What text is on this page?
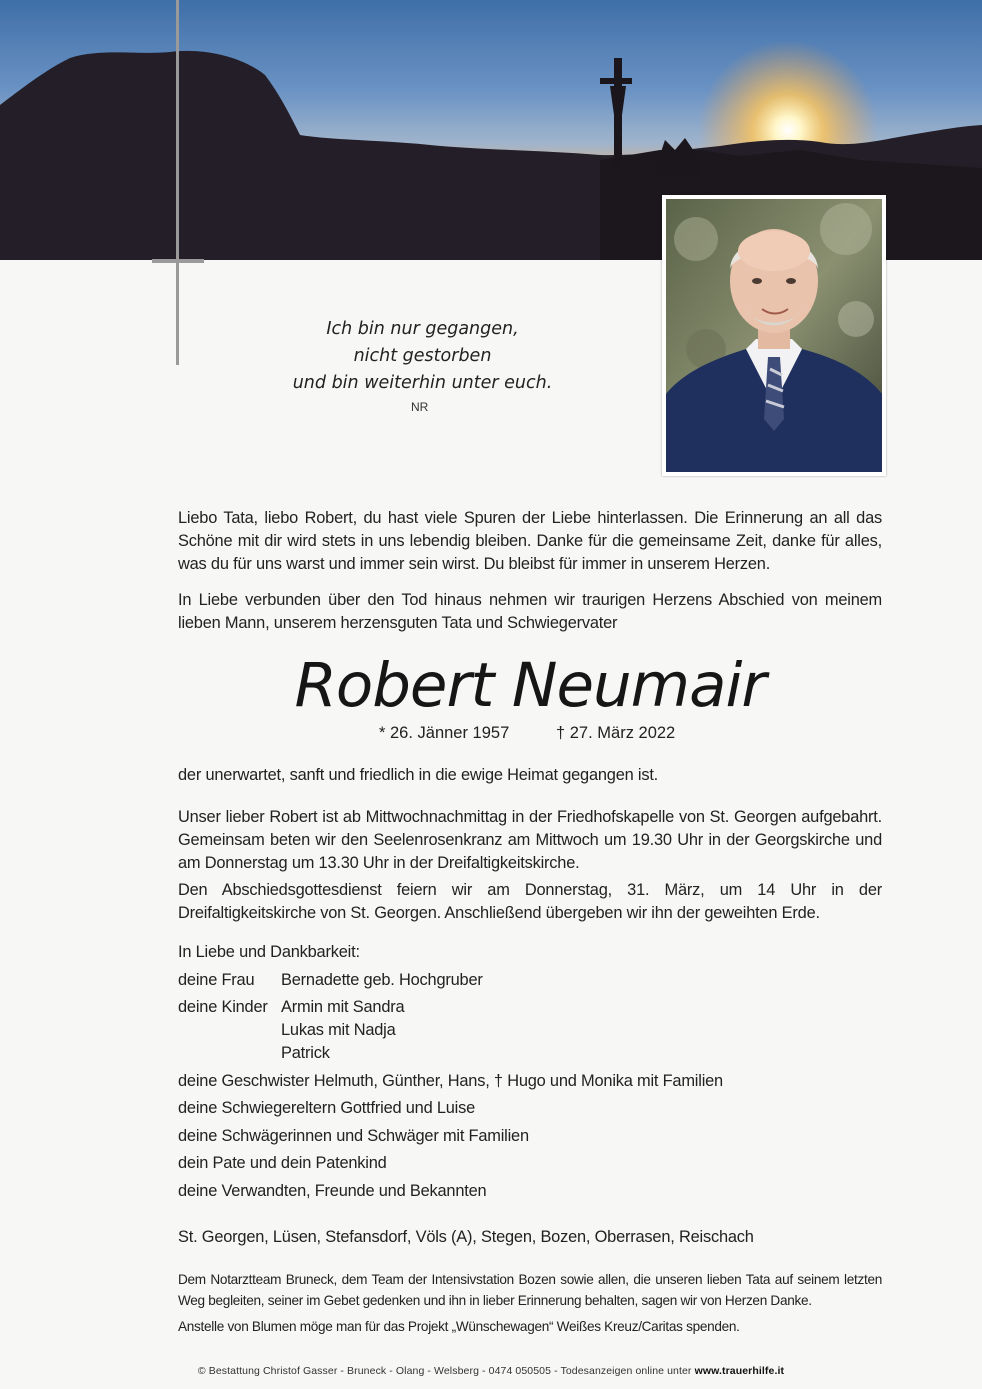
Ich bin nur gegangen,
nicht gestorben
und bin weiterhin unter euch.
NR
Liebo Tata, liebo Robert, du hast viele Spuren der Liebe hinterlassen. Die Erinnerung an all das Schöne mit dir wird stets in uns lebendig bleiben. Danke für die gemeinsame Zeit, danke für alles, was du für uns warst und immer sein wirst. Du bleibst für immer in unserem Herzen.
In Liebe verbunden über den Tod hinaus nehmen wir traurigen Herzens Abschied von meinem lieben Mann, unserem herzensguten Tata und Schwiegervater
Robert Neumair
* 26. Jänner 1957	† 27. März 2022
der unerwartet, sanft und friedlich in die ewige Heimat gegangen ist.
Unser lieber Robert ist ab Mittwochnachmittag in der Friedhofskapelle von St. Georgen aufgebahrt. Gemeinsam beten wir den Seelenrosenkranz am Mittwoch um 19.30 Uhr in der Georgskirche und am Donnerstag um 13.30 Uhr in der Dreifaltigkeitskirche.
Den Abschiedsgottesdienst feiern wir am Donnerstag, 31. März, um 14 Uhr in der Dreifaltigkeitskirche von St. Georgen. Anschließend übergeben wir ihn der geweihten Erde.
In Liebe und Dankbarkeit:
deine Frau Bernadette geb. Hochgruber
deine Kinder Armin mit Sandra
Lukas mit Nadja
Patrick
deine Geschwister Helmuth, Günther, Hans, † Hugo und Monika mit Familien
deine Schwiegereltern Gottfried und Luise
deine Schwägerinnen und Schwäger mit Familien
dein Pate und dein Patenkind
deine Verwandten, Freunde und Bekannten
St. Georgen, Lüsen, Stefansdorf, Völs (A), Stegen, Bozen, Oberrasen, Reischach
Dem Notarztteam Bruneck, dem Team der Intensivstation Bozen sowie allen, die unseren lieben Tata auf seinem letzten Weg begleiten, seiner im Gebet gedenken und ihn in lieber Erinnerung behalten, sagen wir von Herzen Danke.
Anstelle von Blumen möge man für das Projekt „Wünschewagen“ Weißes Kreuz/Caritas spenden.
© Bestattung Christof Gasser - Bruneck - Olang - Welsberg - 0474 050505 - Todesanzeigen online unter www.trauerhilfe.it
